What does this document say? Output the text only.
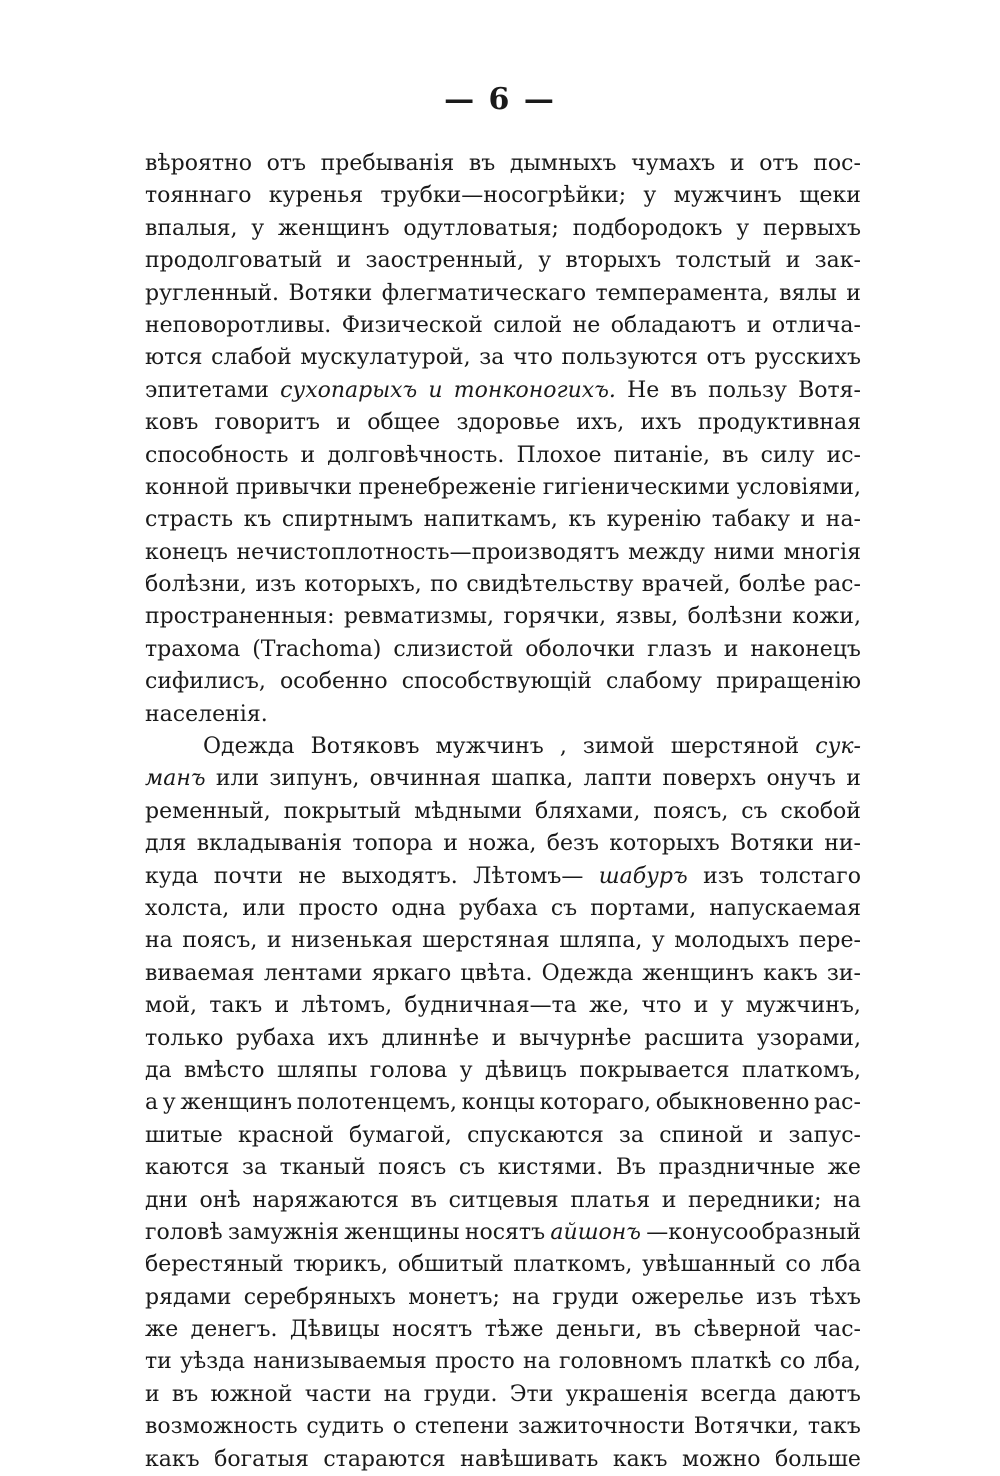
— 6 —
вѣроятно отъ пребыванія въ дымныхъ чумахъ и отъ пос-
тояннаго куренья трубки—носогрѣйки; у мужчинъ щеки
впалыя, у женщинъ одутловатыя; подбородокъ у первыхъ
продолговатый и заостренный, у вторыхъ толстый и зак-
ругленный. Вотяки флегматическаго темперамента, вялы и
неповоротливы. Физической силой не обладаютъ и отлича-
ются слабой мускулатурой, за что пользуются отъ русскихъ
эпитетами сухопарыхъ и тонконогихъ. Не въ пользу Вотя-
ковъ говоритъ и общее здоровье ихъ, ихъ продуктивная
способность и долговѣчность. Плохое питаніе, въ силу ис-
конной привычки пренебреженіе гигіеническими условіями,
страсть къ спиртнымъ напиткамъ, къ куренію табаку и на-
конецъ нечистоплотность—производятъ между ними многія
болѣзни, изъ которыхъ, по свидѣтельству врачей, болѣе рас-
пространенныя: ревматизмы, горячки, язвы, болѣзни кожи,
трахома (Trachoma) слизистой оболочки глазъ и наконецъ
сифилисъ, особенно способствующій слабому приращенію
населенія.
Одежда Вотяковъ мужчинъ , зимой шерстяной сук-
манъ или зипунъ, овчинная шапка, лапти поверхъ онучъ и
ременный, покрытый мѣдными бляхами, поясъ, съ скобой
для вкладыванія топора и ножа, безъ которыхъ Вотяки ни-
куда почти не выходятъ. Лѣтомъ— шабуръ изъ толстаго
холста, или просто одна рубаха съ портами, напускаемая
на поясъ, и низенькая шерстяная шляпа, у молодыхъ пере-
виваемая лентами яркаго цвѣта. Одежда женщинъ какъ зи-
мой, такъ и лѣтомъ, будничная—та же, что и у мужчинъ,
только рубаха ихъ длиннѣе и вычурнѣе расшита узорами,
да вмѣсто шляпы голова у дѣвицъ покрывается платкомъ,
а у женщинъ полотенцемъ, концы котораго, обыкновенно рас-
шитые красной бумагой, спускаются за спиной и запус-
каются за тканый поясъ съ кистями. Въ праздничные же
дни онѣ наряжаются въ ситцевыя платья и передники; на
головѣ замужнія женщины носятъ айшонъ —конусообразный
берестяный тюрикъ, обшитый платкомъ, увѣшанный со лба
рядами серебряныхъ монетъ; на груди ожерелье изъ тѣхъ
же денегъ. Дѣвицы носятъ тѣже деньги, въ сѣверной час-
ти уѣзда нанизываемыя просто на головномъ платкѣ со лба,
и въ южной части на груди. Эти украшенія всегда даютъ
возможность судить о степени зажиточности Вотячки, такъ
какъ богатыя стараются навѣшивать какъ можно больше
